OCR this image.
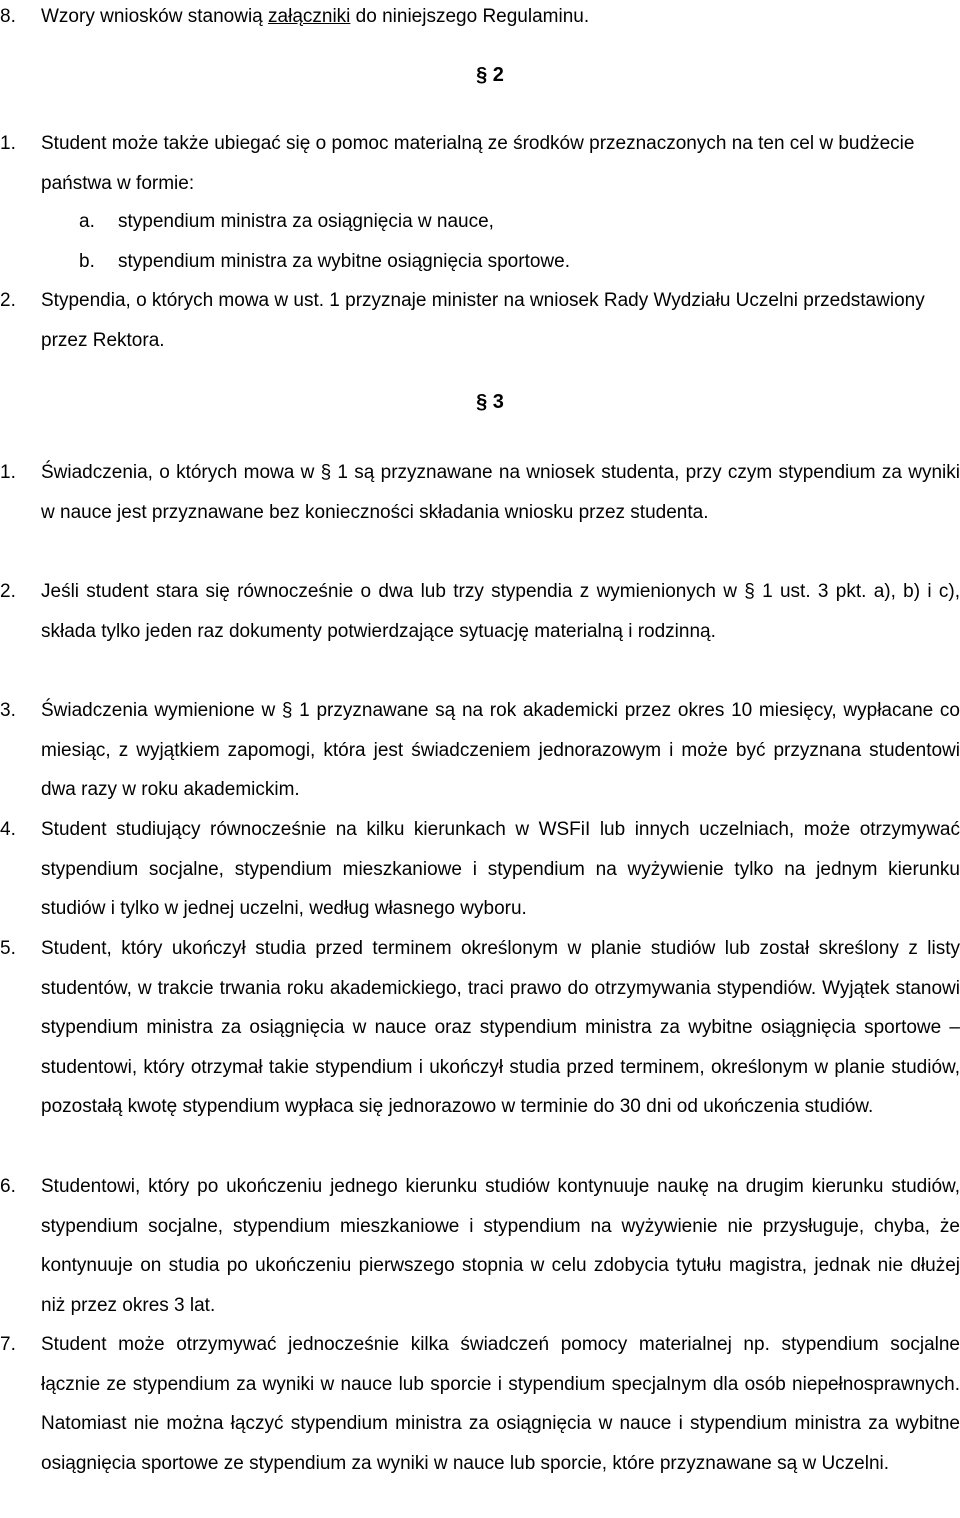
8. Wzory wniosków stanowią załączniki do niniejszego Regulaminu.
§ 2
1. Student może także ubiegać się o pomoc materialną ze środków przeznaczonych na ten cel w budżecie państwa w formie:
a. stypendium ministra za osiągnięcia w nauce,
b. stypendium ministra za wybitne osiągnięcia sportowe.
2. Stypendia, o których mowa w ust. 1 przyznaje minister na wniosek Rady Wydziału Uczelni przedstawiony przez Rektora.
§ 3
1. Świadczenia, o których mowa w § 1 są przyznawane na wniosek studenta, przy czym stypendium za wyniki w nauce jest przyznawane bez konieczności składania wniosku przez studenta.
2. Jeśli student stara się równocześnie o dwa lub trzy stypendia z wymienionych w § 1 ust. 3 pkt. a), b) i c), składa tylko jeden raz dokumenty potwierdzające sytuację materialną i rodzinną.
3. Świadczenia wymienione w § 1 przyznawane są na rok akademicki przez okres 10 miesięcy, wypłacane co miesiąc, z wyjątkiem zapomogi, która jest świadczeniem jednorazowym i może być przyznana studentowi dwa razy w roku akademickim.
4. Student studiujący równocześnie na kilku kierunkach w WSFiI lub innych uczelniach, może otrzymywać stypendium socjalne, stypendium mieszkaniowe i stypendium na wyżywienie tylko na jednym kierunku studiów i tylko w jednej uczelni, według własnego wyboru.
5. Student, który ukończył studia przed terminem określonym w planie studiów lub został skreślony z listy studentów, w trakcie trwania roku akademickiego, traci prawo do otrzymywania stypendiów. Wyjątek stanowi stypendium ministra za osiągnięcia w nauce oraz stypendium ministra za wybitne osiągnięcia sportowe – studentowi, który otrzymał takie stypendium i ukończył studia przed terminem, określonym w planie studiów, pozostałą kwotę stypendium wypłaca się jednorazowo w terminie do 30 dni od ukończenia studiów.
6. Studentowi, który po ukończeniu jednego kierunku studiów kontynuuje naukę na drugim kierunku studiów, stypendium socjalne, stypendium mieszkaniowe i stypendium na wyżywienie nie przysługuje, chyba, że kontynuuje on studia po ukończeniu pierwszego stopnia w celu zdobycia tytułu magistra, jednak nie dłużej niż przez okres 3 lat.
7. Student może otrzymywać jednocześnie kilka świadczeń pomocy materialnej np. stypendium socjalne łącznie ze stypendium za wyniki w nauce lub sporcie i stypendium specjalnym dla osób niepełnosprawnych. Natomiast nie można łączyć stypendium ministra za osiągnięcia w nauce i stypendium ministra za wybitne osiągnięcia sportowe ze stypendium za wyniki w nauce lub sporcie, które przyznawane są w Uczelni.
